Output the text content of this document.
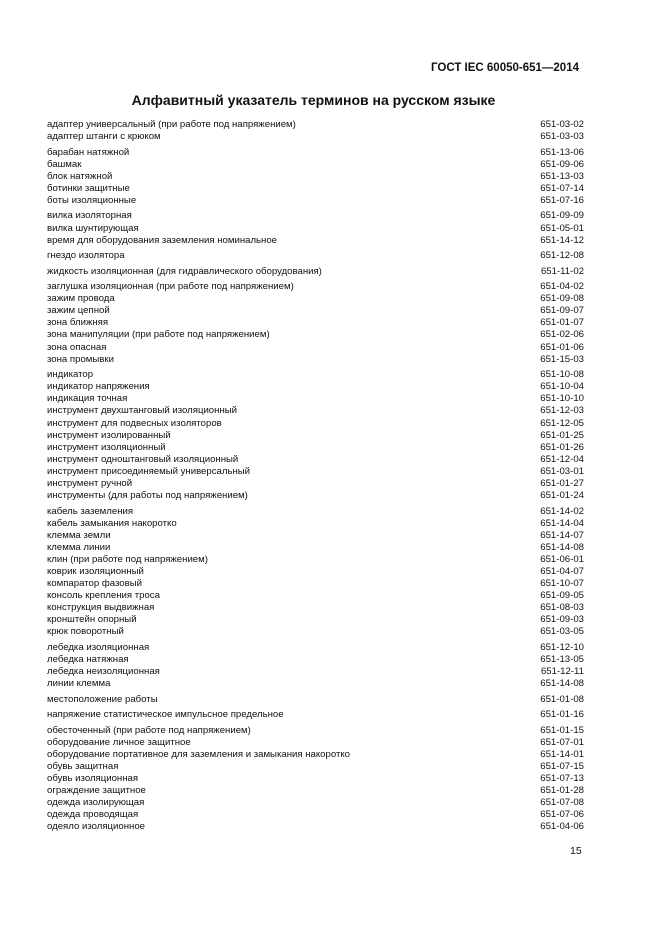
ГОСТ IEC 60050-651—2014
Алфавитный указатель терминов на русском языке
адаптер универсальный (при работе под напряжением)	651-03-02
адаптер штанги с крюком	651-03-03
барабан натяжной	651-13-06
башмак	651-09-06
блок натяжной	651-13-03
ботинки защитные	651-07-14
боты изоляционные	651-07-16
вилка изоляторная	651-09-09
вилка шунтирующая	651-05-01
время для оборудования заземления номинальное	651-14-12
гнездо изолятора	651-12-08
жидкость изоляционная (для гидравлического оборудования)	651-11-02
заглушка изоляционная (при работе под напряжением)	651-04-02
зажим провода	651-09-08
зажим цепной	651-09-07
зона ближняя	651-01-07
зона манипуляции (при работе под напряжением)	651-02-06
зона опасная	651-01-06
зона промывки	651-15-03
индикатор	651-10-08
индикатор напряжения	651-10-04
индикация точная	651-10-10
инструмент двухштанговый изоляционный	651-12-03
инструмент для подвесных изоляторов	651-12-05
инструмент изолированный	651-01-25
инструмент изоляционный	651-01-26
инструмент одноштанговый изоляционный	651-12-04
инструмент присоединяемый универсальный	651-03-01
инструмент ручной	651-01-27
инструменты (для работы под напряжением)	651-01-24
кабель заземления	651-14-02
кабель замыкания накоротко	651-14-04
клемма земли	651-14-07
клемма линии	651-14-08
клин (при работе под напряжением)	651-06-01
коврик изоляционный	651-04-07
компаратор фазовый	651-10-07
консоль крепления троса	651-09-05
конструкция выдвижная	651-08-03
кронштейн опорный	651-09-03
крюк поворотный	651-03-05
лебедка изоляционная	651-12-10
лебедка натяжная	651-13-05
лебедка неизоляционная	651-12-11
линии клемма	651-14-08
местоположение работы	651-01-08
напряжение статистическое импульсное предельное	651-01-16
обесточенный (при работе под напряжением)	651-01-15
оборудование личное защитное	651-07-01
оборудование портативное для заземления и замыкания накоротко	651-14-01
обувь защитная	651-07-15
обувь изоляционная	651-07-13
ограждение защитное	651-01-28
одежда изолирующая	651-07-08
одежда проводящая	651-07-06
одеяло изоляционное	651-04-06
15
